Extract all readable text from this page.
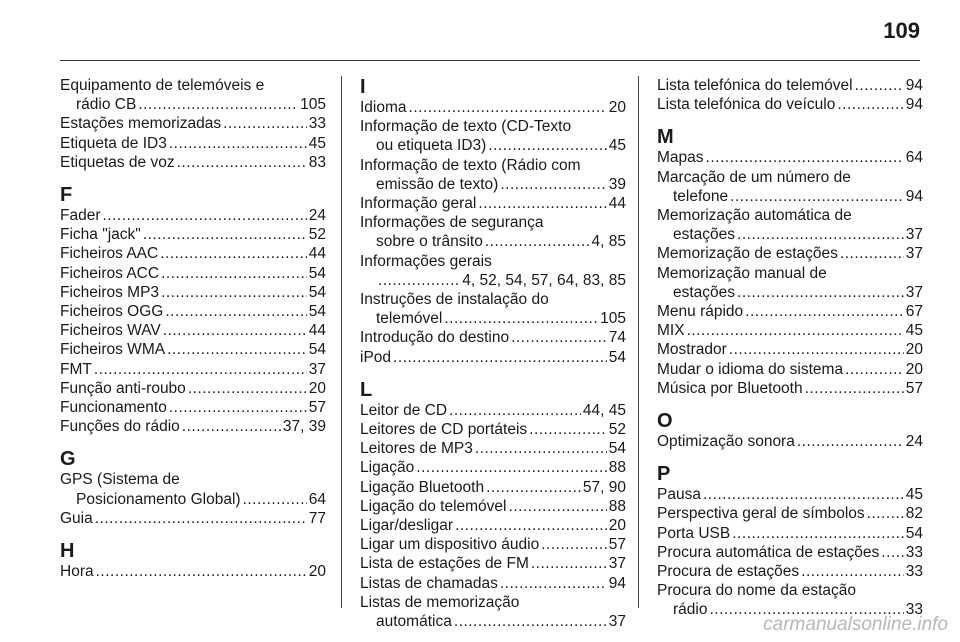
109
Equipamento de telemóveis e
rádio CB .....	105
Estações memorizadas .....	33
Etiqueta de ID3 .....	45
Etiquetas de voz .....	83
F
Fader .....	24
Ficha "jack" .....	52
Ficheiros AAC .....	44
Ficheiros ACC .....	54
Ficheiros MP3 .....	54
Ficheiros OGG .....	54
Ficheiros WAV .....	44
Ficheiros WMA .....	54
FMT .....	37
Função anti-roubo .....	20
Funcionamento .....	57
Funções do rádio .....	37, 39
G
GPS (Sistema de
Posicionamento Global) .....	64
Guia .....	77
H
Hora .....	20
I
Idioma .....	20
Informação de texto (CD-Texto
ou etiqueta ID3) .....	45
Informação de texto (Rádio com
emissão de texto) .....	39
Informação geral .....	44
Informações de segurança
sobre o trânsito .....	4, 85
Informações gerais
.....
4, 52, 54, 57, 64, 83, 85
Instruções de instalação do
telemóvel .....	105
Introdução do destino .....	74
iPod .....	54
L
Leitor de CD .....	44, 45
Leitores de CD portáteis .....	52
Leitores de MP3 .....	54
Ligação .....	88
Ligação Bluetooth .....	57, 90
Ligação do telemóvel .....	88
Ligar/desligar .....	20
Ligar um dispositivo áudio .....	57
Lista de estações de FM .....	37
Listas de chamadas .....	94
Listas de memorização
automática .....	37
Lista telefónica do telemóvel .....	94
Lista telefónica do veículo .....	94
M
Mapas .....	64
Marcação de um número de
telefone .....	94
Memorização automática de
estações .....	37
Memorização de estações .....	37
Memorização manual de
estações .....	37
Menu rápido .....	67
MIX .....	45
Mostrador .....	20
Mudar o idioma do sistema .....	20
Música por Bluetooth .....	57
O
Optimização sonora .....	24
P
Pausa .....	45
Perspectiva geral de símbolos .....	82
Porta USB .....	54
Procura automática de estações ..... 33
Procura de estações .....	33
Procura do nome da estação
rádio .....	33
carmanualsonline.info
